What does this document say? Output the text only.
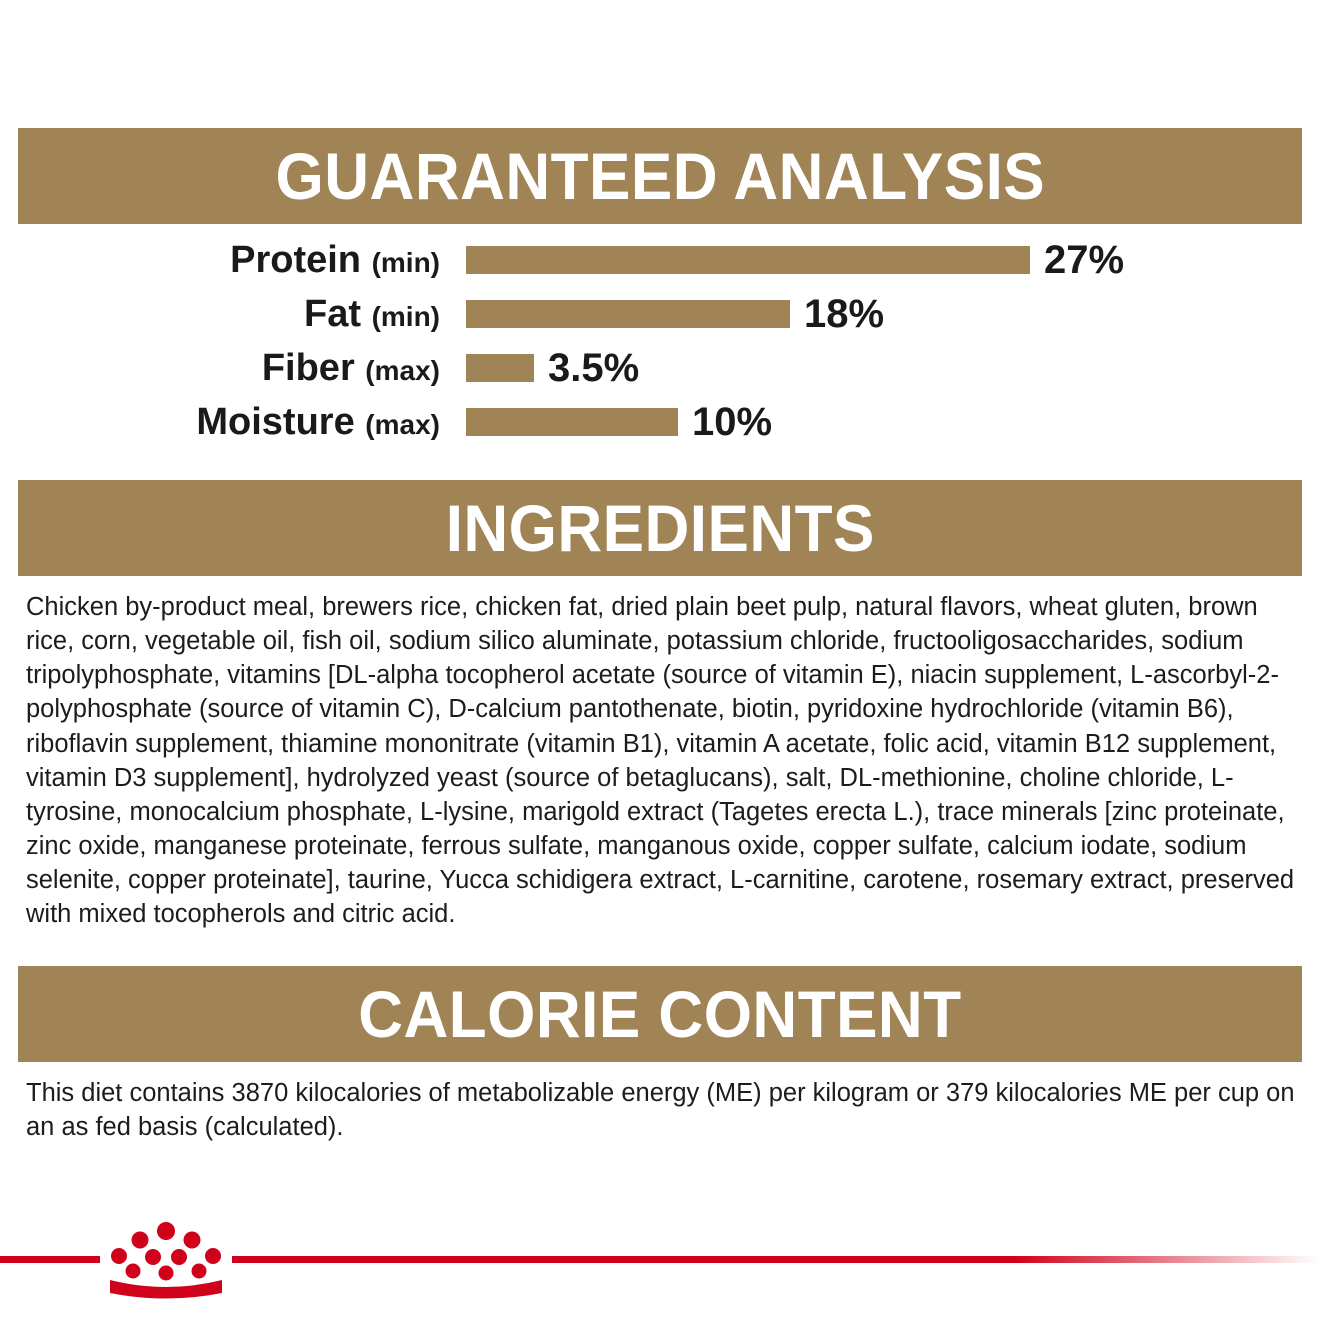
GUARANTEED ANALYSIS
Protein (min)	27%
Fat (min)	18%
Fiber (max)	3.5%
Moisture (max)	10%
INGREDIENTS
Chicken by-product meal, brewers rice, chicken fat, dried plain beet pulp, natural flavors, wheat gluten, brown rice, corn, vegetable oil, fish oil, sodium silico aluminate, potassium chloride, fructooligosaccharides, sodium tripolyphosphate, vitamins [DL-alpha tocopherol acetate (source of vitamin E), niacin supplement, L-ascorbyl-2-polyphosphate (source of vitamin C), D-calcium pantothenate, biotin, pyridoxine hydrochloride (vitamin B6), riboflavin supplement, thiamine mononitrate (vitamin B1), vitamin A acetate, folic acid, vitamin B12 supplement, vitamin D3 supplement], hydrolyzed yeast (source of betaglucans), salt, DL-methionine, choline chloride, L-tyrosine, monocalcium phosphate, L-lysine, marigold extract (Tagetes erecta L.), trace minerals [zinc proteinate, zinc oxide, manganese proteinate, ferrous sulfate, manganous oxide, copper sulfate, calcium iodate, sodium selenite, copper proteinate], taurine, Yucca schidigera extract, L-carnitine, carotene, rosemary extract, preserved with mixed tocopherols and citric acid.
CALORIE CONTENT
This diet contains 3870 kilocalories of metabolizable energy (ME) per kilogram or 379 kilocalories ME per cup on an as fed basis (calculated).
